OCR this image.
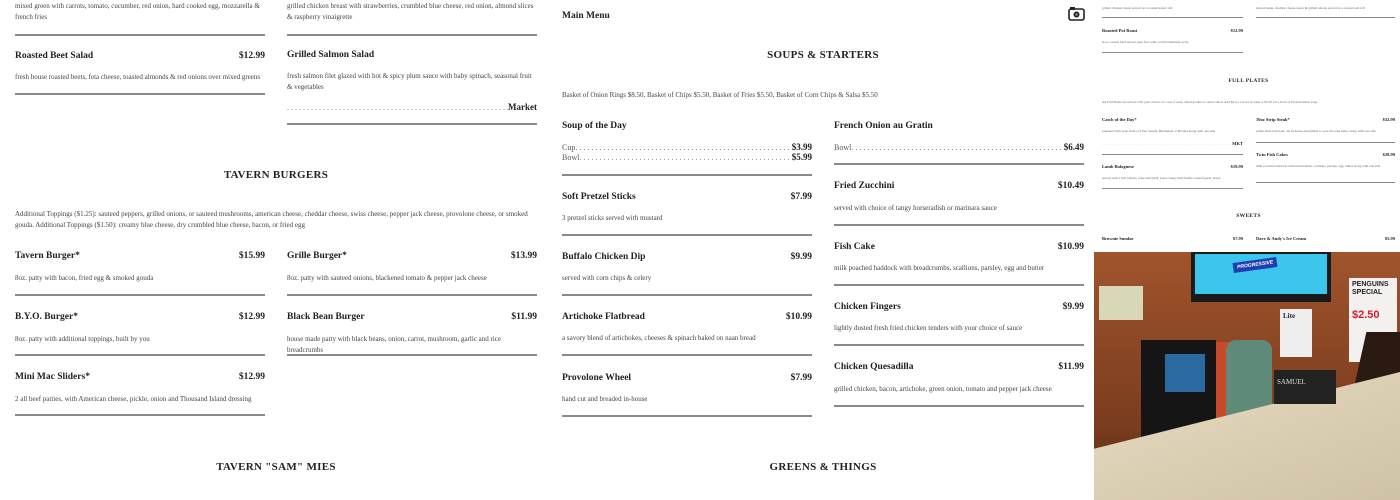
mixed green with carrots, tomato, cucumber, red onion, hard cooked egg, mozzarella & french fries
grilled chicken breast with strawberries, crumbled blue cheese, red onion, almond slices & raspberry vinaigrette
Roasted Beet Salad	$12.99
fresh house roasted beets, feta cheese, toasted almonds & red onions over mixed greens
Grilled Salmon Salad
fresh salmon filet glazed with hot & spicy plum sauce with baby spinach, seasonal fruit & vegetables
.....
Market
TAVERN BURGERS
Additional Toppings ($1.25): sauteed peppers, grilled onions, or sauteed mushrooms, american cheese, cheddar cheese, swiss cheese, pepper jack cheese, provolone cheese, or smoked gouda. Additional Toppings ($1.50): creamy blue cheese, dry crumbled blue cheese, bacon, or fried egg
Tavern Burger*	$15.99
8oz. patty with bacon, fried egg & smoked gouda
Grille Burger*	$13.99
8oz. patty with sauteed onions, blackened tomato & pepper jack cheese
B.Y.O. Burger*	$12.99
8oz. patty with additional toppings, built by you
Black Bean Burger	$11.99
house made patty with black beans, onion, carrot, mushroom, garlic and rice breadcrumbs
Mini Mac Sliders*	$12.99
2 all beef patties, with American cheese, pickle, onion and Thousand Island dressing
TAVERN "SAM" MIES
Main Menu
SOUPS & STARTERS
Basket of Onion Rings $8.50, Basket of Chips $5.50, Basket of Fries $5.50, Basket of Corn Chips & Salsa $5.50
Soup of the Day
Cup .....	$3.99
Bowl .....	$5.99
French Onion au Gratin
Bowl .....	$6.49
Soft Pretzel Sticks	$7.99
3 pretzel sticks served with mustard
Buffalo Chicken Dip	$9.99
served with corn chips & celery
Artichoke Flatbread	$10.99
a savory blend of artichokes, cheeses & spinach baked on naan bread
Provolone Wheel	$7.99
hand cut and breaded in-house
Fried Zucchini	$10.49
served with choice of tangy horseradish or marinara sauce
Fish Cake	$10.99
milk poached haddock with breadcrumbs, scallions, parsley, egg and butter
Chicken Fingers	$9.99
lightly dusted fresh fried chicken tenders with your choice of sauce
Chicken Quesadilla	$11.99
grilled chicken, bacon, artichoke, green onion, tomato and pepper jack cheese
GREENS & THINGS
grilled chicken breast served on a toasted kaiser roll	shaved steak, cheddar cheese sauce & grilled onions served on a toasted sub roll
Roasted Pot Roast	$12.99
slow cooked beef served open face with a rich homemade gravy
FULL PLATES
All Full Plates are served with your choice of a cup of soup, small garden or caesar salad. Add $2 for a bowl of soup or $2.50 for a bowl of French Onion soup
Catch of the Day*
prepared with your choice of Pan Seared, Blackened or Broiled along with one side
.....
MKT
Lamb Bolognese	$19.99
served with a rich tomato, wine and garlic sauce along with freshly toasted garlic bread
10oz Strip Steak*	$32.99
prime short loin beef, cut in-house and grilled to your favorite temp. along with one side
Twin Fish Cakes	$28.99
milk poached haddock with breadcrumbs, scallions, parsley, egg, butter along with one side
SWEETS
Brownie Sundae	$7.99	Dave & Andy's Ice Cream	$5.99
PROGRESSIVE
Lite
PENGUINS
SPECIAL
$2.50
SAMUEL
